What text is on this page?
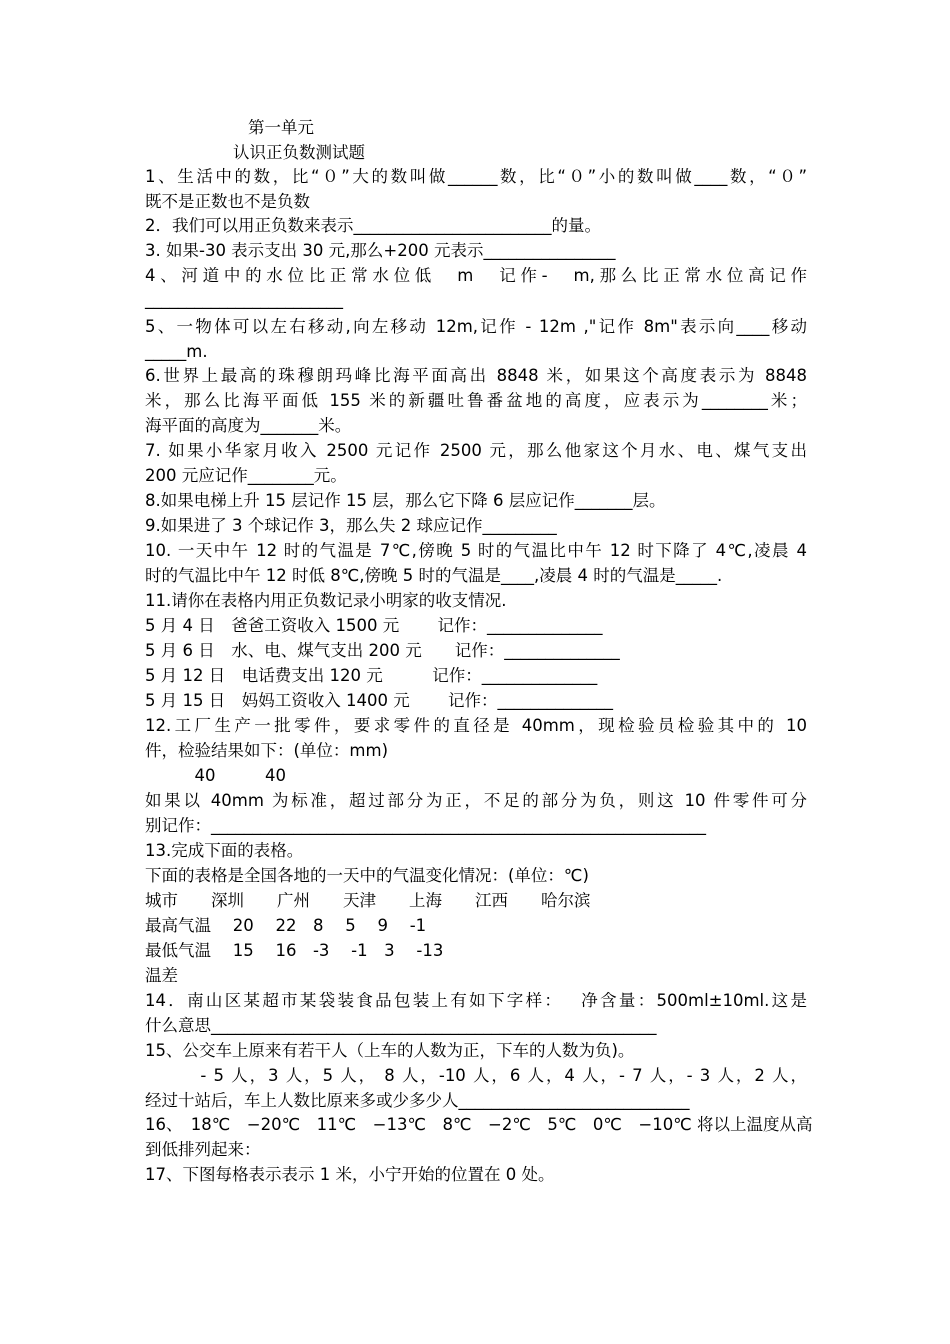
第一单元
认识正负数测试题
1、生活中的数，比“０”大的数叫做______数，比“０”小的数叫做____数，“０”
既不是正数也不是负数
2．我们可以用正负数来表示________________________的量。
3. 如果-30 表示支出 30 元,那么+200 元表示________________
4、河道中的水位比正常水位低　m　记作-　m,那么比正常水位高记作
________________________
5、一物体可以左右移动,向左移动 12m,记作 - 12m ,"记作 8m"表示向____移动
_____m.
6.世界上最高的珠穆朗玛峰比海平面高出 8848 米，如果这个高度表示为 8848
米，那么比海平面低 155 米的新疆吐鲁番盆地的高度，应表示为________米；
海平面的高度为_______米。
7. 如果小华家月收入 2500 元记作 2500 元，那么他家这个月水、电、煤气支出
200 元应记作________元。
8.如果电梯上升 15 层记作 15 层，那么它下降 6 层应记作_______层。
9.如果进了 3 个球记作 3，那么失 2 球应记作_________
10. 一天中午 12 时的气温是 7℃,傍晚 5 时的气温比中午 12 时下降了 4℃,凌晨 4
时的气温比中午 12 时低 8℃,傍晚 5 时的气温是____,凌晨 4 时的气温是_____.
11.请你在表格内用正负数记录小明家的收支情况.
5 月 4 日　爸爸工资收入 1500 元　　 记作：______________
5 月 6 日　水、电、煤气支出 200 元　　记作：______________
5 月 12 日　电话费支出 120 元　　　记作：______________
5 月 15 日　妈妈工资收入 1400 元　　 记作：______________
12.工厂生产一批零件，要求零件的直径是 40mm，现检验员检验其中的 10
件，检验结果如下：(单位：mm)
　　　40　　　40
如果以 40mm 为标准，超过部分为正，不足的部分为负，则这 10 件零件可分
别记作：____________________________________________________________
13.完成下面的表格。
下面的表格是全国各地的一天中的气温变化情况：(单位：℃)
城市　　深圳　　广州　　天津　　上海　　江西　　哈尔滨
最高气温　 20　 22　8　 5　 9　 -1
最低气温　 15　 16　-3　 -1　3　 -13
温差
14．南山区某超市某袋装食品包装上有如下字样：　 净含量：500ml±10ml.这是
什么意思______________________________________________________
15、公交车上原来有若干人（上车的人数为正，下车的人数为负)。
　　　- 5 人，3 人，5 人， 8 人，-10 人，6 人，4 人，- 7 人，- 3 人，2 人，
经过十站后，车上人数比原来多或少多少人____________________________
16、　18℃　−20℃　11℃　−13℃　8℃　−2℃　5℃　0℃　−10℃ 将以上温度从高
到低排列起来：
17、下图每格表示表示 1 米，小宁开始的位置在 0 处。
